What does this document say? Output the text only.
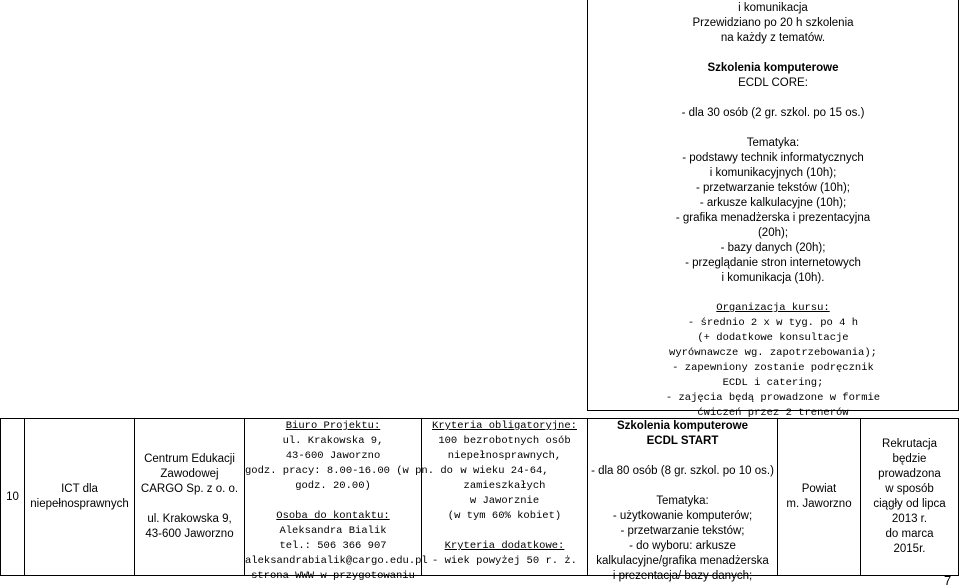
i komunikacja
Przewidziano po 20 h szkolenia
na każdy z tematów.
Szkolenia komputerowe
ECDL CORE:
- dla 30 osób (2 gr. szkol. po 15 os.)
Tematyka:
- podstawy technik informatycznych
i komunikacyjnych (10h);
- przetwarzanie tekstów (10h);
- arkusze kalkulacyjne (10h);
- grafika menadżerska i prezentacyjna
(20h);
- bazy danych (20h);
- przeglądanie stron internetowych
i komunikacja (10h).
Organizacja kursu:
- średnio 2 x w tyg. po 4 h
(+ dodatkowe konsultacje
wyrównawcze wg. zapotrzebowania);
- zapewniony zostanie podręcznik
ECDL i catering;
- zajęcia będą prowadzone w formie
ćwiczeń przez 2 trenerów
10
ICT dla
niepełnosprawnych
Centrum Edukacji
Zawodowej
CARGO Sp. z o. o.
ul. Krakowska 9,
43-600 Jaworzno
Biuro Projektu:
ul. Krakowska 9,
43-600 Jaworzno
godz. pracy: 8.00-16.00 (w pn. do
godz. 20.00)
Osoba do kontaktu:
Aleksandra Bialik
tel.: 506 366 907
aleksandrabialik@cargo.edu.pl
strona WWW w przygotowaniu
Kryteria obligatoryjne:
100 bezrobotnych osób
niepełnosprawnych,
w wieku 24-64,
zamieszkałych
w Jaworznie
(w tym 60% kobiet)
Kryteria dodatkowe:
- wiek powyżej 50 r. ż.
Szkolenia komputerowe
ECDL START
- dla 80 osób (8 gr. szkol. po 10 os.)
Tematyka:
- użytkowanie komputerów;
- przetwarzanie tekstów;
- do wyboru: arkusze
kalkulacyjne/grafika menadżerska
i prezentacja/ bazy danych;
Powiat
m. Jaworzno
Rekrutacja
będzie
prowadzona
w sposób
ciągły od lipca
2013 r.
do marca
2015r.
7
